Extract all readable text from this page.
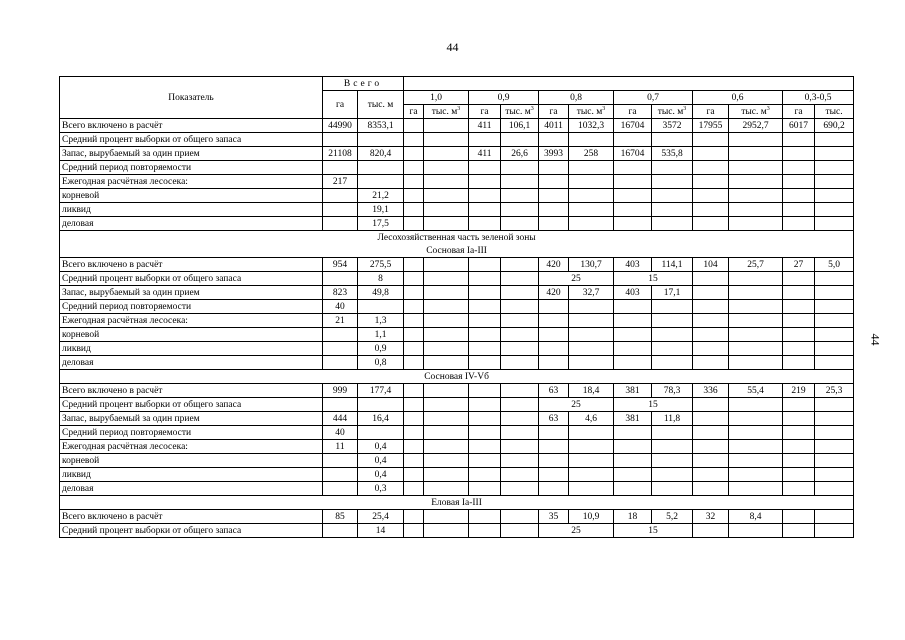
44
44
Показатель	Всего													
	га	тыс. м	1,0		0,9		0,8		0,7		0,6		0,3-0,5	
			га	тыс. $м^3$	га	тыс. $м^3$	га	тыс. $м^3$	га	тыс. $м^3$	га	тыс. $м^3$	га	тыс.
Всего включено в расчёт	44990	8353,1			411	106,1	4011	1032,3	16704	3572	17955	2952,7	6017	690,2
Средний процент выборки от общего запаса														
Запас, вырубаемый за один прием	21108	820,4			411	26,6	3993	258	16704	535,8				
Средний период повторяемости														
Ежегодная расчётная лесосека:	217													
корневой		21,2												
ликвид		19,1												
деловая		17,5												
Лесохозяйственная часть зеленой зоны														
Сосновая Iа-III														
Всего включено в расчёт	954	275,5					420	130,7	403	114,1	104	25,7	27	5,0
Средний процент выборки от общего запаса		8					25		15					
Запас, вырубаемый за один прием	823	49,8					420	32,7	403	17,1				
Средний период повторяемости	40													
Ежегодная расчётная лесосека:	21	1,3												
корневой		1,1												
ликвид		0,9												
деловая		0,8												
Сосновая IV-Vб														
Всего включено в расчёт	999	177,4					63	18,4	381	78,3	336	55,4	219	25,3
Средний процент выборки от общего запаса							25		15					
Запас, вырубаемый за один прием	444	16,4					63	4,6	381	11,8				
Средний период повторяемости	40													
Ежегодная расчётная лесосека:	11	0,4												
корневой		0,4												
ликвид		0,4												
деловая		0,3												
Еловая Iа-III														
Всего включено в расчёт	85	25,4					35	10,9	18	5,2	32	8,4		
Средний процент выборки от общего запаса		14					25		15					
